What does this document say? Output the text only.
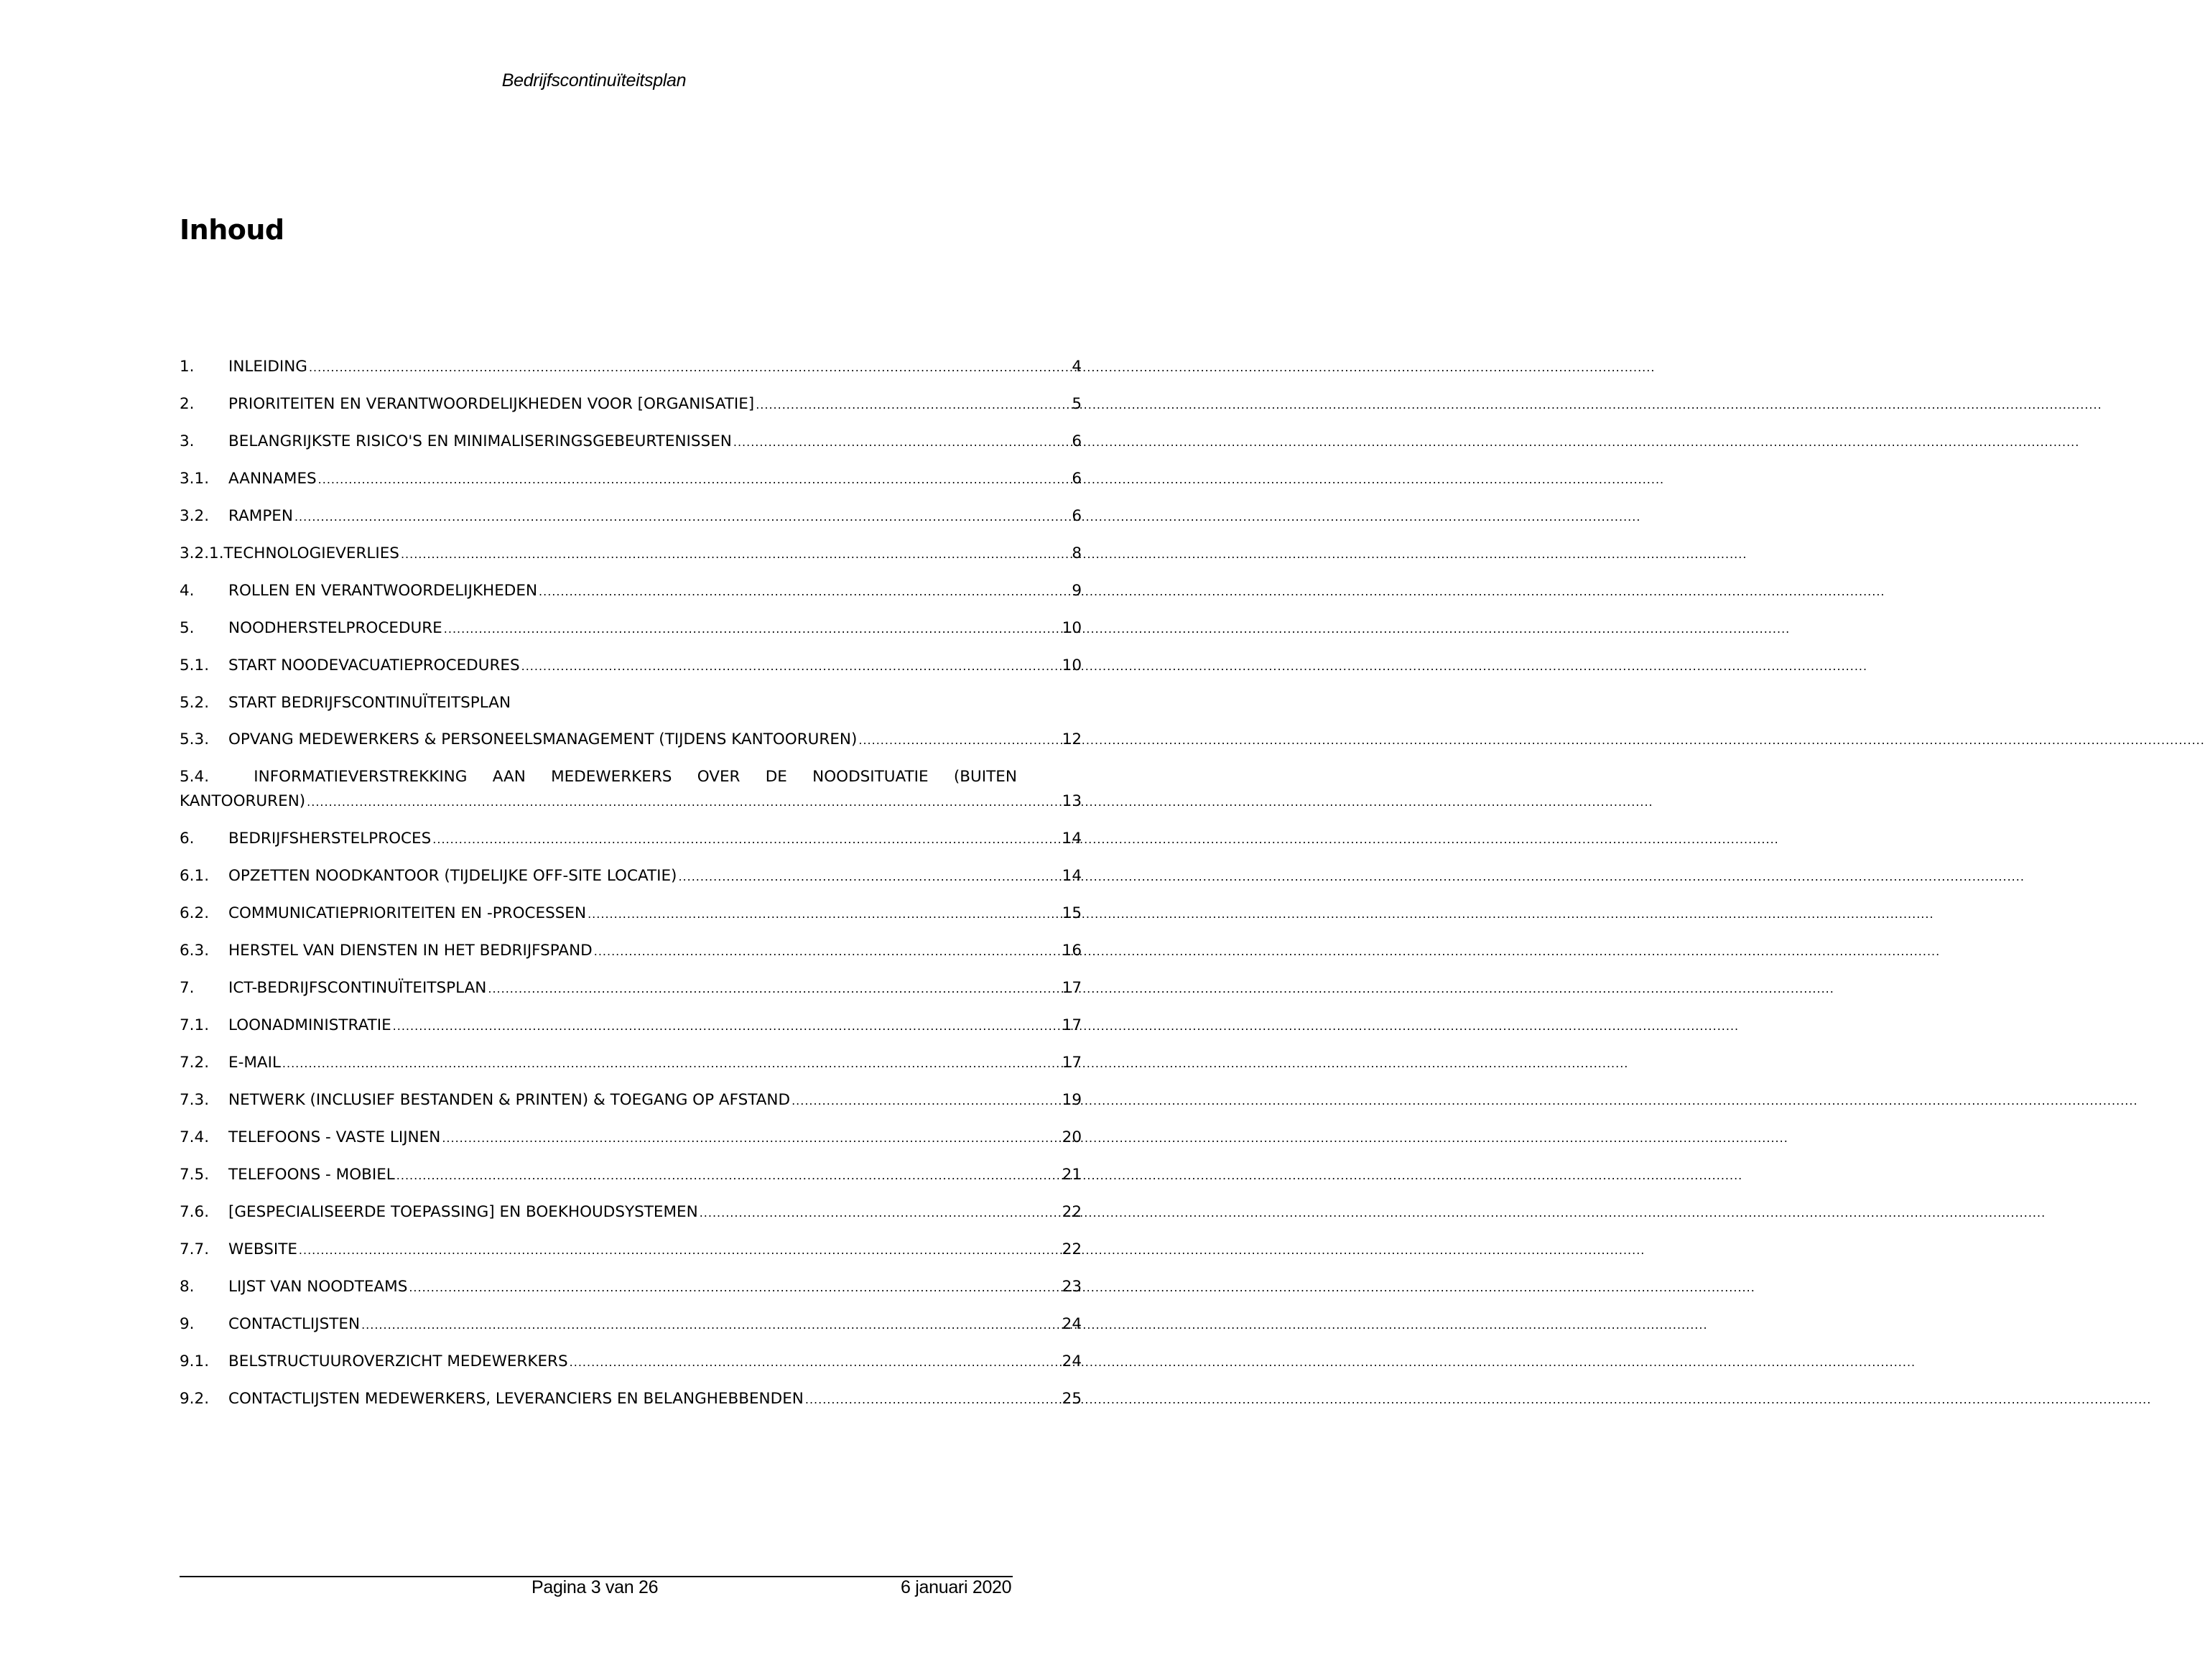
Bedrijfscontinuïteitsplan
Inhoud
1.	INLEIDING .....	4
2.	PRIORITEITEN EN VERANTWOORDELIJKHEDEN VOOR [ORGANISATIE] .....	5
3.	BELANGRIJKSTE RISICO'S EN MINIMALISERINGSGEBEURTENISSEN .....	6
3.1.	AANNAMES .....	6
3.2.	RAMPEN .....	6
3.2.1. TECHNOLOGIEVERLIES .....	8
4.	ROLLEN EN VERANTWOORDELIJKHEDEN .....	9
5.	NOODHERSTELPROCEDURE .....	10
5.1.	START NOODEVACUATIEPROCEDURES .....	10
5.2.	START BEDRIJFSCONTINUÏTEITSPLAN
5.3.	OPVANG MEDEWERKERS & PERSONEELSMANAGEMENT (TIJDENS KANTOORUREN) .....	12
5.4.	INFORMATIEVERSTREKKING AAN MEDEWERKERS OVER DE NOODSITUATIE (BUITEN
KANTOORUREN) .....	13
6.	BEDRIJFSHERSTELPROCES .....	14
6.1.	OPZETTEN NOODKANTOOR (TIJDELIJKE OFF-SITE LOCATIE) .....	14
6.2.	COMMUNICATIEPRIORITEITEN EN -PROCESSEN .....	15
6.3.	HERSTEL VAN DIENSTEN IN HET BEDRIJFSPAND .....	16
7.	ICT-BEDRIJFSCONTINUÏTEITSPLAN .....	17
7.1.	LOONADMINISTRATIE .....	17
7.2.	E-MAIL .....	17
7.3.	NETWERK (INCLUSIEF BESTANDEN & PRINTEN) & TOEGANG OP AFSTAND .....	19
7.4.	TELEFOONS - VASTE LIJNEN .....	20
7.5.	TELEFOONS - MOBIEL .....	21
7.6.	[GESPECIALISEERDE TOEPASSING] EN BOEKHOUDSYSTEMEN .....	22
7.7.	WEBSITE .....	22
8.	LIJST VAN NOODTEAMS .....	23
9.	CONTACTLIJSTEN .....	24
9.1.	BELSTRUCTUUROVERZICHT MEDEWERKERS .....	24
9.2.	CONTACTLIJSTEN MEDEWERKERS, LEVERANCIERS EN BELANGHEBBENDEN .....	25
Pagina 3 van 26	6 januari 2020
